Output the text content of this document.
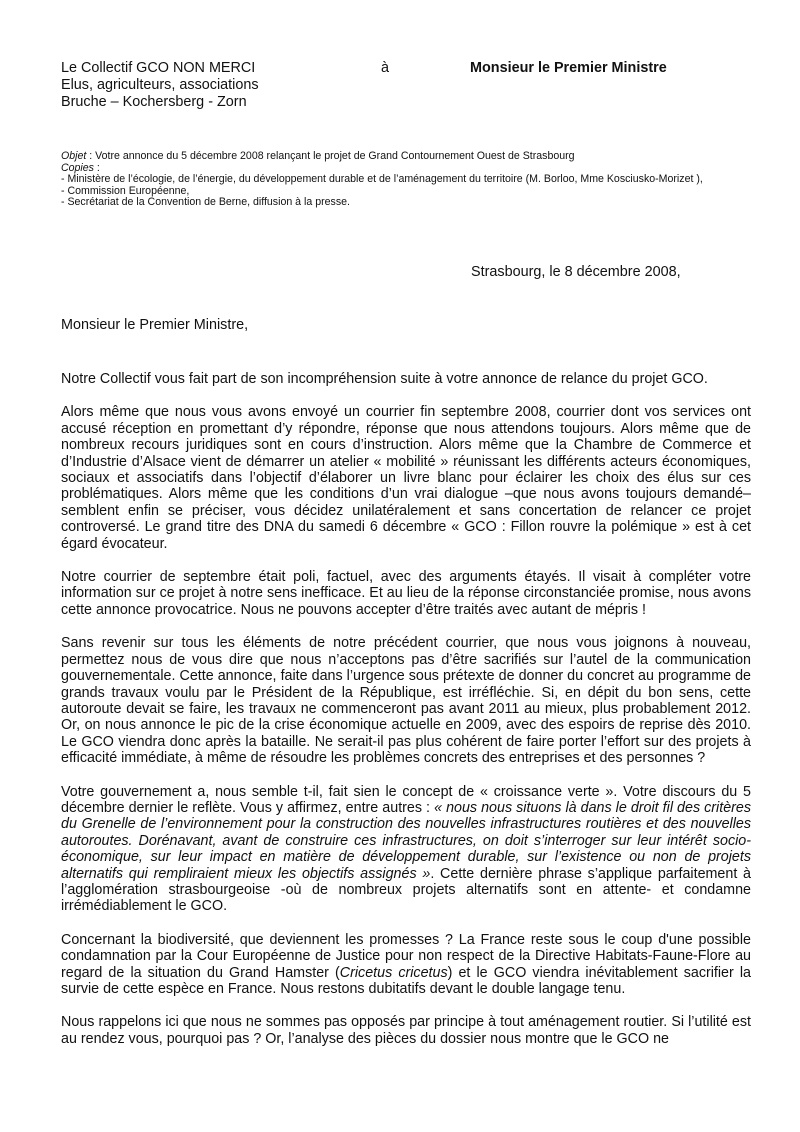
Le Collectif GCO NON MERCI
Elus, agriculteurs, associations
Bruche – Kochersberg - Zorn
à	Monsieur le Premier Ministre
Objet : Votre annonce du 5 décembre 2008 relançant le projet de Grand Contournement Ouest de Strasbourg
Copies :
- Ministère de l’écologie, de l’énergie, du développement durable et de l’aménagement du territoire (M. Borloo, Mme Kosciusko-Morizet ),
- Commission Européenne,
- Secrétariat de la Convention de Berne, diffusion à la presse.
Strasbourg, le 8 décembre 2008,
Monsieur le Premier Ministre,

Notre Collectif vous fait part de son incompréhension suite à votre annonce de relance du projet GCO.

Alors même que nous vous avons envoyé un courrier fin septembre 2008, courrier dont vos services ont accusé réception en promettant d’y répondre, réponse que nous attendons toujours. Alors même que de nombreux recours juridiques sont en cours d’instruction. Alors même que la Chambre de Commerce et d’Industrie d’Alsace vient de démarrer un atelier « mobilité » réunissant les différents acteurs économiques, sociaux et associatifs dans l’objectif d’élaborer un livre blanc pour éclairer les choix des élus sur ces problématiques. Alors même que les conditions d’un vrai dialogue –que nous avons toujours demandé– semblent enfin se préciser, vous décidez unilatéralement et sans concertation de relancer ce projet controversé. Le grand titre des DNA du samedi 6 décembre « GCO : Fillon rouvre la polémique » est à cet égard évocateur.

Notre courrier de septembre était poli, factuel, avec des arguments étayés. Il visait à compléter votre information sur ce projet à notre sens inefficace. Et au lieu de la réponse circonstanciée promise, nous avons cette annonce provocatrice. Nous ne pouvons accepter d’être traités avec autant de mépris !

Sans revenir sur tous les éléments de notre précédent courrier, que nous vous joignons à nouveau, permettez nous de vous dire que nous n’acceptons pas d’être sacrifiés sur l’autel de la communication gouvernementale. Cette annonce, faite dans l’urgence sous prétexte de donner du concret au programme de grands travaux voulu par le Président de la République, est irréfléchie. Si, en dépit du bon sens, cette autoroute devait se faire, les travaux ne commenceront pas avant 2011 au mieux, plus probablement 2012. Or, on nous annonce le pic de la crise économique actuelle en 2009, avec des espoirs de reprise dès 2010. Le GCO viendra donc après la bataille. Ne serait-il pas plus cohérent de faire porter l’effort sur des projets à efficacité immédiate, à même de résoudre les problèmes concrets des entreprises et des personnes ?

Votre gouvernement a, nous semble t-il, fait sien le concept de « croissance verte ». Votre discours du 5 décembre dernier le reflète. Vous y affirmez, entre autres : « nous nous situons là dans le droit fil des critères du Grenelle de l’environnement pour la construction des nouvelles infrastructures routières et des nouvelles autoroutes. Dorénavant, avant de construire ces infrastructures, on doit s’interroger sur leur intérêt socio-économique, sur leur impact en matière de développement durable, sur l’existence ou non de projets alternatifs qui rempliraient mieux les objectifs assignés ». Cette dernière phrase s’applique parfaitement à l’agglomération strasbourgeoise -où de nombreux projets alternatifs sont en attente- et condamne irrémédiablement le GCO.

Concernant la biodiversité, que deviennent les promesses ? La France reste sous le coup d'une possible condamnation par la Cour Européenne de Justice pour non respect de la Directive Habitats-Faune-Flore au regard de la situation du Grand Hamster (Cricetus cricetus) et le GCO viendra inévitablement sacrifier la survie de cette espèce en France. Nous restons dubitatifs devant le double langage tenu.

Nous rappelons ici que nous ne sommes pas opposés par principe à tout aménagement routier. Si l’utilité est au rendez vous, pourquoi pas ? Or, l’analyse des pièces du dossier nous montre que le GCO ne
